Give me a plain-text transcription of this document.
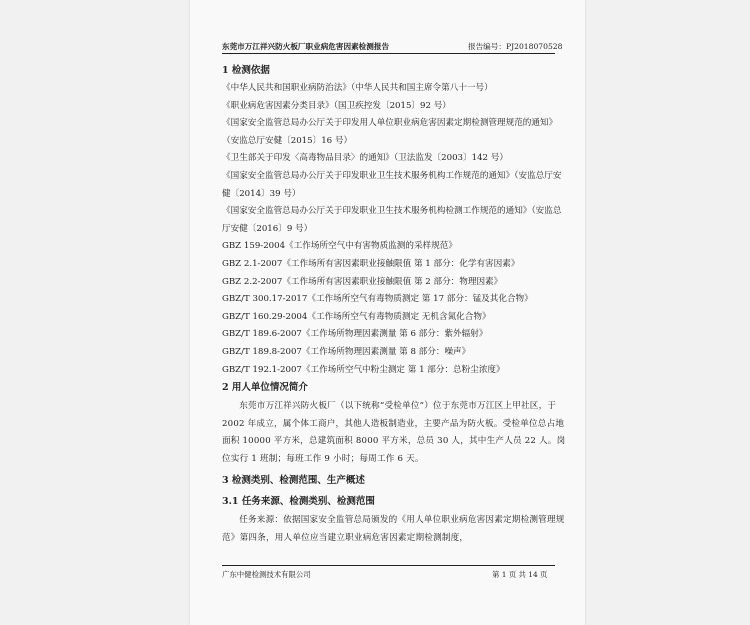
东莞市万江祥兴防火板厂职业病危害因素检测报告	报告编号：PJ2018070528
1 检测依据
《中华人民共和国职业病防治法》（中华人民共和国主席令第八十一号）
《职业病危害因素分类目录》（国卫疾控发〔2015〕92 号）
《国家安全监管总局办公厅关于印发用人单位职业病危害因素定期检测管理规范的通知》（安监总厅安健〔2015〕16 号）
《卫生部关于印发〈高毒物品目录〉的通知》（卫法监发〔2003〕142 号）
《国家安全监管总局办公厅关于印发职业卫生技术服务机构工作规范的通知》（安监总厅安健〔2014〕39 号）
《国家安全监管总局办公厅关于印发职业卫生技术服务机构检测工作规范的通知》（安监总厅安健〔2016〕9 号）
GBZ 159-2004《工作场所空气中有害物质监测的采样规范》
GBZ 2.1-2007《工作场所有害因素职业接触限值 第 1 部分：化学有害因素》
GBZ 2.2-2007《工作场所有害因素职业接触限值 第 2 部分：物理因素》
GBZ/T 300.17-2017《工作场所空气有毒物质测定 第 17 部分：锰及其化合物》
GBZ/T 160.29-2004《工作场所空气有毒物质测定 无机含氮化合物》
GBZ/T 189.6-2007《工作场所物理因素测量 第 6 部分：紫外辐射》
GBZ/T 189.8-2007《工作场所物理因素测量 第 8 部分：噪声》
GBZ/T 192.1-2007《工作场所空气中粉尘测定 第 1 部分：总粉尘浓度》
2 用人单位情况简介
东莞市万江祥兴防火板厂（以下统称“受检单位”）位于东莞市万江区上甲社区，于 2002 年成立，属个体工商户，其他人造板制造业，主要产品为防火板。受检单位总占地面积 10000 平方米，总建筑面积 8000 平方米，总员 30 人，其中生产人员 22 人。岗位实行 1 班制；每班工作 9 小时；每周工作 6 天。
3 检测类别、检测范围、生产概述
3.1 任务来源、检测类别、检测范围
任务来源：依据国家安全监管总局颁发的《用人单位职业病危害因素定期检测管理规范》第四条，用人单位应当建立职业病危害因素定期检测制度，
广东中健检测技术有限公司	第 1 页 共 14 页
